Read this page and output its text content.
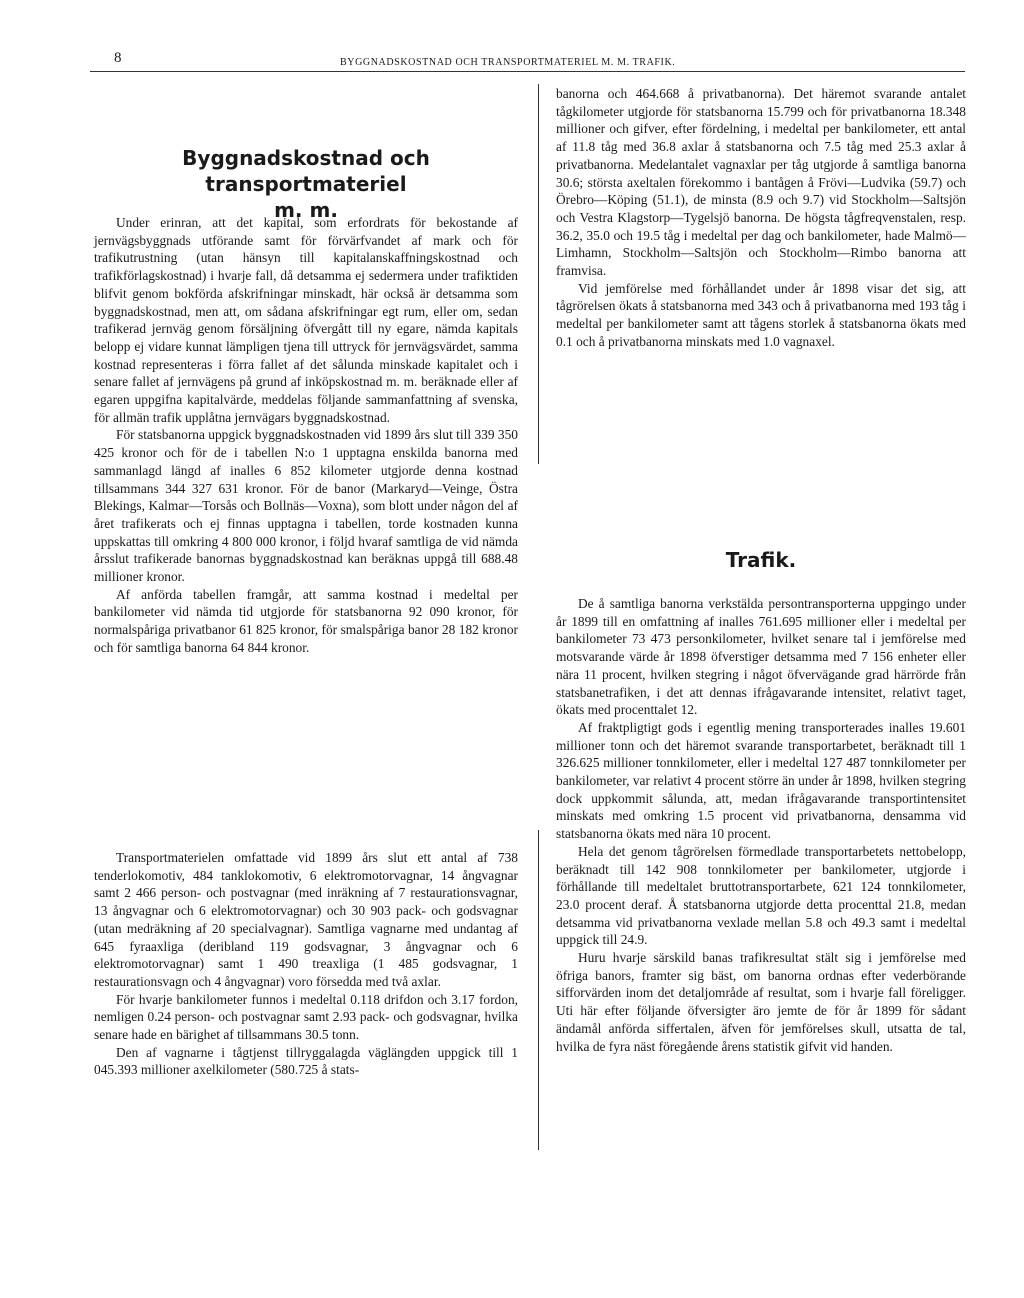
8	BYGGNADSKOSTNAD OCH TRANSPORTMATERIEL M. M. TRAFIK.
Byggnadskostnad och transportmateriel
m. m.

Under erinran, att det kapital, som erfordrats för bekostande af jernvägsbyggnads utförande samt för förvärfvandet af mark och för trafikutrustning (utan hänsyn till kapitalanskaffningskostnad och trafikförlagskostnad) i hvarje fall, då detsamma ej sedermera under trafiktiden blifvit genom bokförda afskrifningar minskadt, här också är detsamma som byggnadskostnad, men att, om sådana afskrifningar egt rum, eller om, sedan trafikerad jernväg genom försäljning öfvergått till ny egare, nämda kapitals belopp ej vidare kunnat lämpligen tjena till uttryck för jernvägsvärdet, samma kostnad representeras i förra fallet af det sålunda minskade kapitalet och i senare fallet af jernvägens på grund af inköpskostnad m. m. beräknade eller af egaren uppgifna kapitalvärde, meddelas följande sammanfattning af svenska, för allmän trafik upplåtna jernvägars byggnadskostnad.

För statsbanorna uppgick byggnadskostnaden vid 1899 års slut till 339 350 425 kronor och för de i tabellen N:o 1 upptagna enskilda banorna med sammanlagd längd af inalles 6 852 kilometer utgjorde denna kostnad tillsammans 344 327 631 kronor. För de banor (Markaryd—Veinge, Östra Blekings, Kalmar—Torsås och Bollnäs—Voxna), som blott under någon del af året trafikerats och ej finnas upptagna i tabellen, torde kostnaden kunna uppskattas till omkring 4 800 000 kronor, i följd hvaraf samtliga de vid nämda årsslut trafikerade banornas byggnadskostnad kan beräknas uppgå till 688.48 millioner kronor.

Af anförda tabellen framgår, att samma kostnad i medeltal per bankilometer vid nämda tid utgjorde för statsbanorna 92 090 kronor, för normalspåriga privatbanor 61 825 kronor, för smalspåriga banor 28 182 kronor och för samtliga banorna 64 844 kronor.

Transportmaterielen omfattade vid 1899 års slut ett antal af 738 tenderlokomotiv, 484 tanklokomotiv, 6 elektromotorvagnar, 14 ångvagnar samt 2 466 person- och postvagnar (med inräkning af 7 restaurationsvagnar, 13 ångvagnar och 6 elektromotorvagnar) och 30 903 pack- och godsvagnar (utan medräkning af 20 specialvagnar). Samtliga vagnarne med undantag af 645 fyraaxliga (deribland 119 godsvagnar, 3 ångvagnar och 6 elektromotorvagnar) samt 1 490 treaxliga (1 485 godsvagnar, 1 restaurationsvagn och 4 ångvagnar) voro försedda med två axlar.

För hvarje bankilometer funnos i medeltal 0.118 drifdon och 3.17 fordon, nemligen 0.24 person- och postvagnar samt 2.93 pack- och godsvagnar, hvilka senare hade en bärighet af tillsammans 30.5 tonn.

Den af vagnarne i tågtjenst tillryggalagda väglängden uppgick till 1 045.393 millioner axelkilometer (580.725 å stats-

banorna och 464.668 å privatbanorna). Det häremot svarande antalet tågkilometer utgjorde för statsbanorna 15.799 och för privatbanorna 18.348 millioner och gifver, efter fördelning, i medeltal per bankilometer, ett antal af 11.8 tåg med 36.8 axlar å statsbanorna och 7.5 tåg med 25.3 axlar å privatbanorna. Medelantalet vagnaxlar per tåg utgjorde å samtliga banorna 30.6; största axeltalen förekommo i bantågen å Frövi—Ludvika (59.7) och Örebro—Köping (51.1), de minsta (8.9 och 9.7) vid Stockholm—Saltsjön och Vestra Klagstorp—Tygelsjö banorna. De högsta tågfreqvenstalen, resp. 36.2, 35.0 och 19.5 tåg i medeltal per dag och bankilometer, hade Malmö—Limhamn, Stockholm—Saltsjön och Stockholm—Rimbo banorna att framvisa.

Vid jemförelse med förhållandet under år 1898 visar det sig, att tågrörelsen ökats å statsbanorna med 343 och å privatbanorna med 193 tåg i medeltal per bankilometer samt att tågens storlek å statsbanorna ökats med 0.1 och å privatbanorna minskats med 1.0 vagnaxel.

Trafik.

De å samtliga banorna verkstälda persontransporterna uppgingo under år 1899 till en omfattning af inalles 761.695 millioner eller i medeltal per bankilometer 73 473 personkilometer, hvilket senare tal i jemförelse med motsvarande värde år 1898 öfverstiger detsamma med 7 156 enheter eller nära 11 procent, hvilken stegring i något öfvervägande grad härrörde från statsbanetrafiken, i det att dennas ifrågavarande intensitet, relativt taget, ökats med procenttalet 12.

Af fraktpligtigt gods i egentlig mening transporterades inalles 19.601 millioner tonn och det häremot svarande transportarbetet, beräknadt till 1 326.625 millioner tonnkilometer, eller i medeltal 127 487 tonnkilometer per bankilometer, var relativt 4 procent större än under år 1898, hvilken stegring dock uppkommit sålunda, att, medan ifrågavarande transportintensitet minskats med omkring 1.5 procent vid privatbanorna, densamma vid statsbanorna ökats med nära 10 procent.

Hela det genom tågrörelsen förmedlade transportarbetets nettobelopp, beräknadt till 142 908 tonnkilometer per bankilometer, utgjorde i förhållande till medeltalet bruttotransportarbete, 621 124 tonnkilometer, 23.0 procent deraf. Å statsbanorna utgjorde detta procenttal 21.8, medan detsamma vid privatbanorna vexlade mellan 5.8 och 49.3 samt i medeltal uppgick till 24.9.

Huru hvarje särskild banas trafikresultat stält sig i jemförelse med öfriga banors, framter sig bäst, om banorna ordnas efter vederbörande sifforvärden inom det detaljområde af resultat, som i hvarje fall föreligger. Uti här efter följande öfversigter äro jemte de för år 1899 för sådant ändamål anförda siffertalen, äfven för jemförelses skull, utsatta de tal, hvilka de fyra näst föregående årens statistik gifvit vid handen.
